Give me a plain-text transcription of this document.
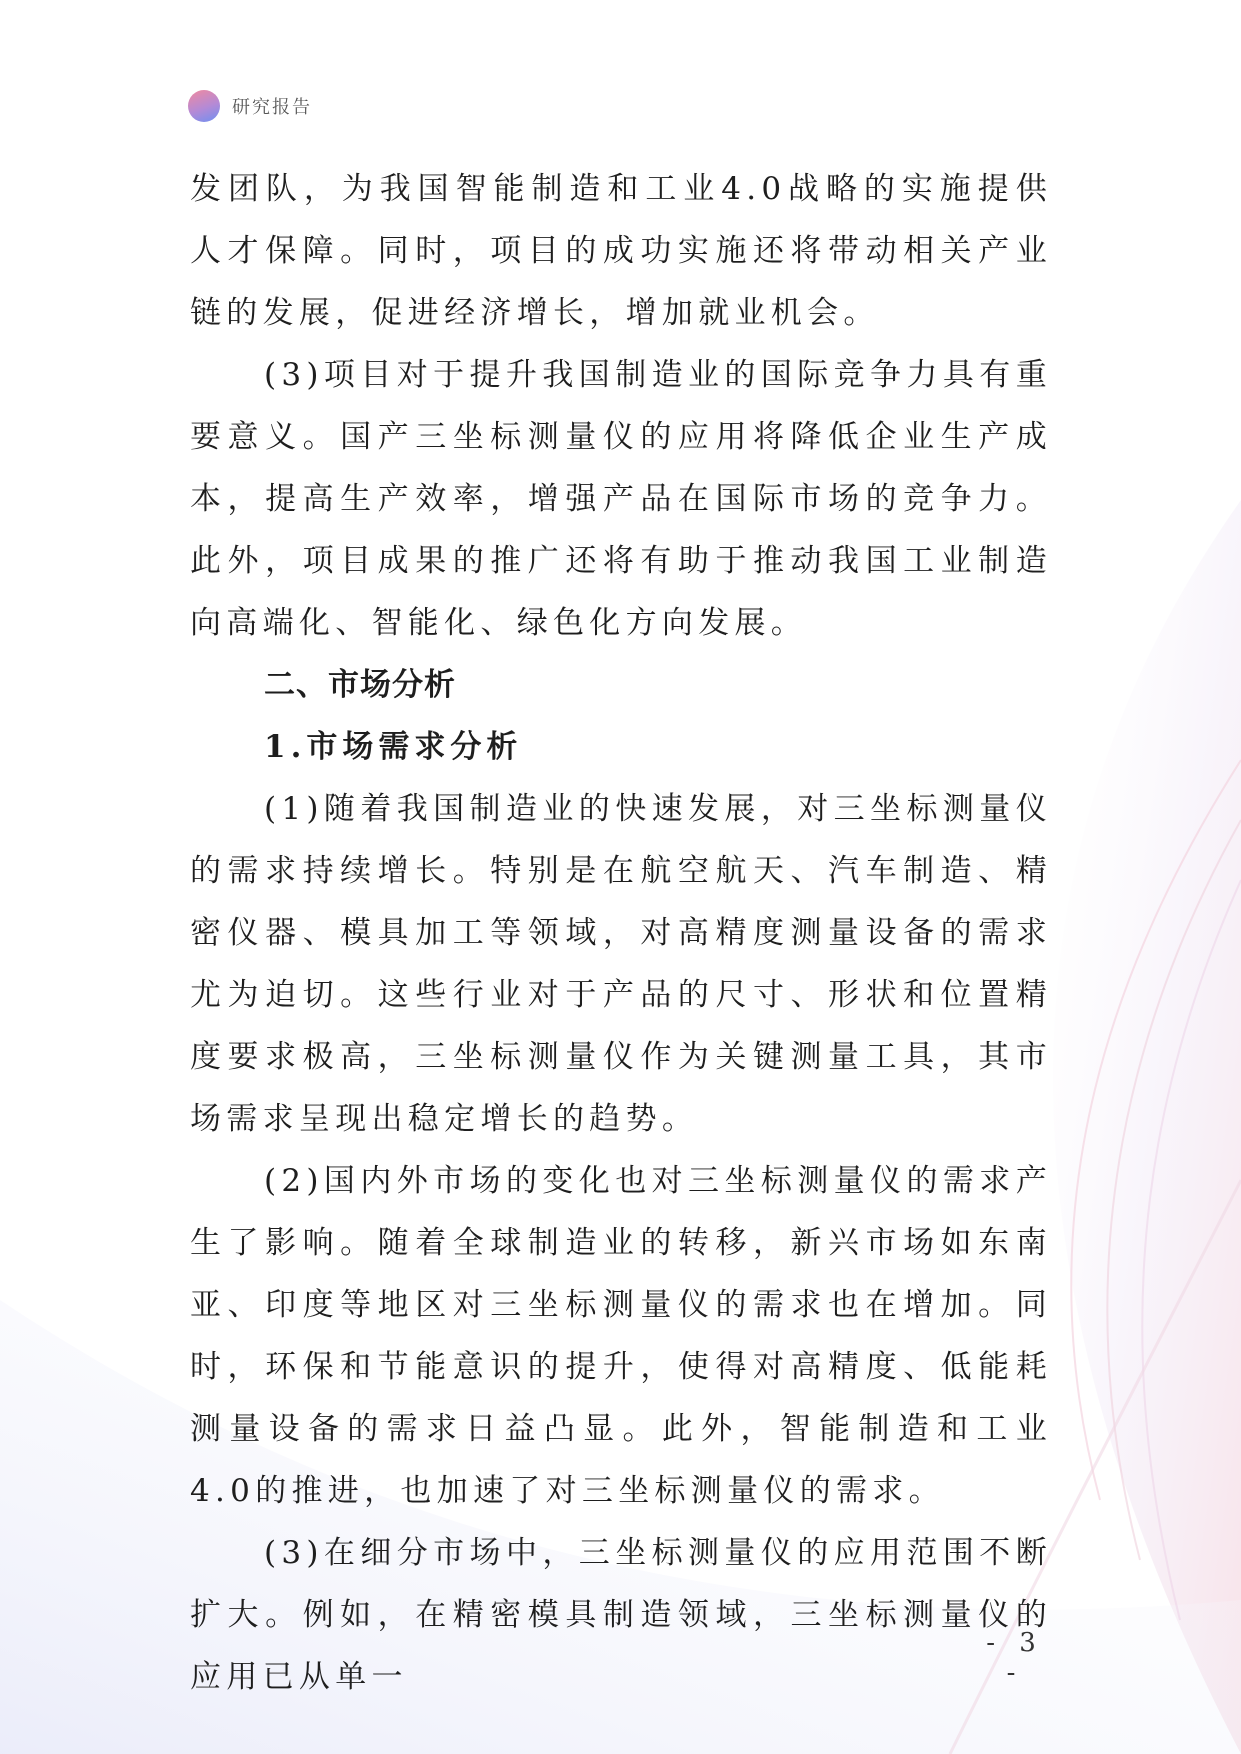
研究报告

发团队，为我国智能制造和工业4.0战略的实施提供人才保障。同时，项目的成功实施还将带动相关产业链的发展，促进经济增长，增加就业机会。

(3)项目对于提升我国制造业的国际竞争力具有重要意义。国产三坐标测量仪的应用将降低企业生产成本，提高生产效率，增强产品在国际市场的竞争力。此外，项目成果的推广还将有助于推动我国工业制造向高端化、智能化、绿色化方向发展。

二、市场分析
1.市场需求分析

(1)随着我国制造业的快速发展，对三坐标测量仪的需求持续增长。特别是在航空航天、汽车制造、精密仪器、模具加工等领域，对高精度测量设备的需求尤为迫切。这些行业对于产品的尺寸、形状和位置精度要求极高，三坐标测量仪作为关键测量工具，其市场需求呈现出稳定增长的趋势。

(2)国内外市场的变化也对三坐标测量仪的需求产生了影响。随着全球制造业的转移，新兴市场如东南亚、印度等地区对三坐标测量仪的需求也在增加。同时，环保和节能意识的提升，使得对高精度、低能耗测量设备的需求日益凸显。此外，智能制造和工业4.0的推进，也加速了对三坐标测量仪的需求。

(3)在细分市场中，三坐标测量仪的应用范围不断扩大。例如，在精密模具制造领域，三坐标测量仪的应用已从单一

- 3 -
